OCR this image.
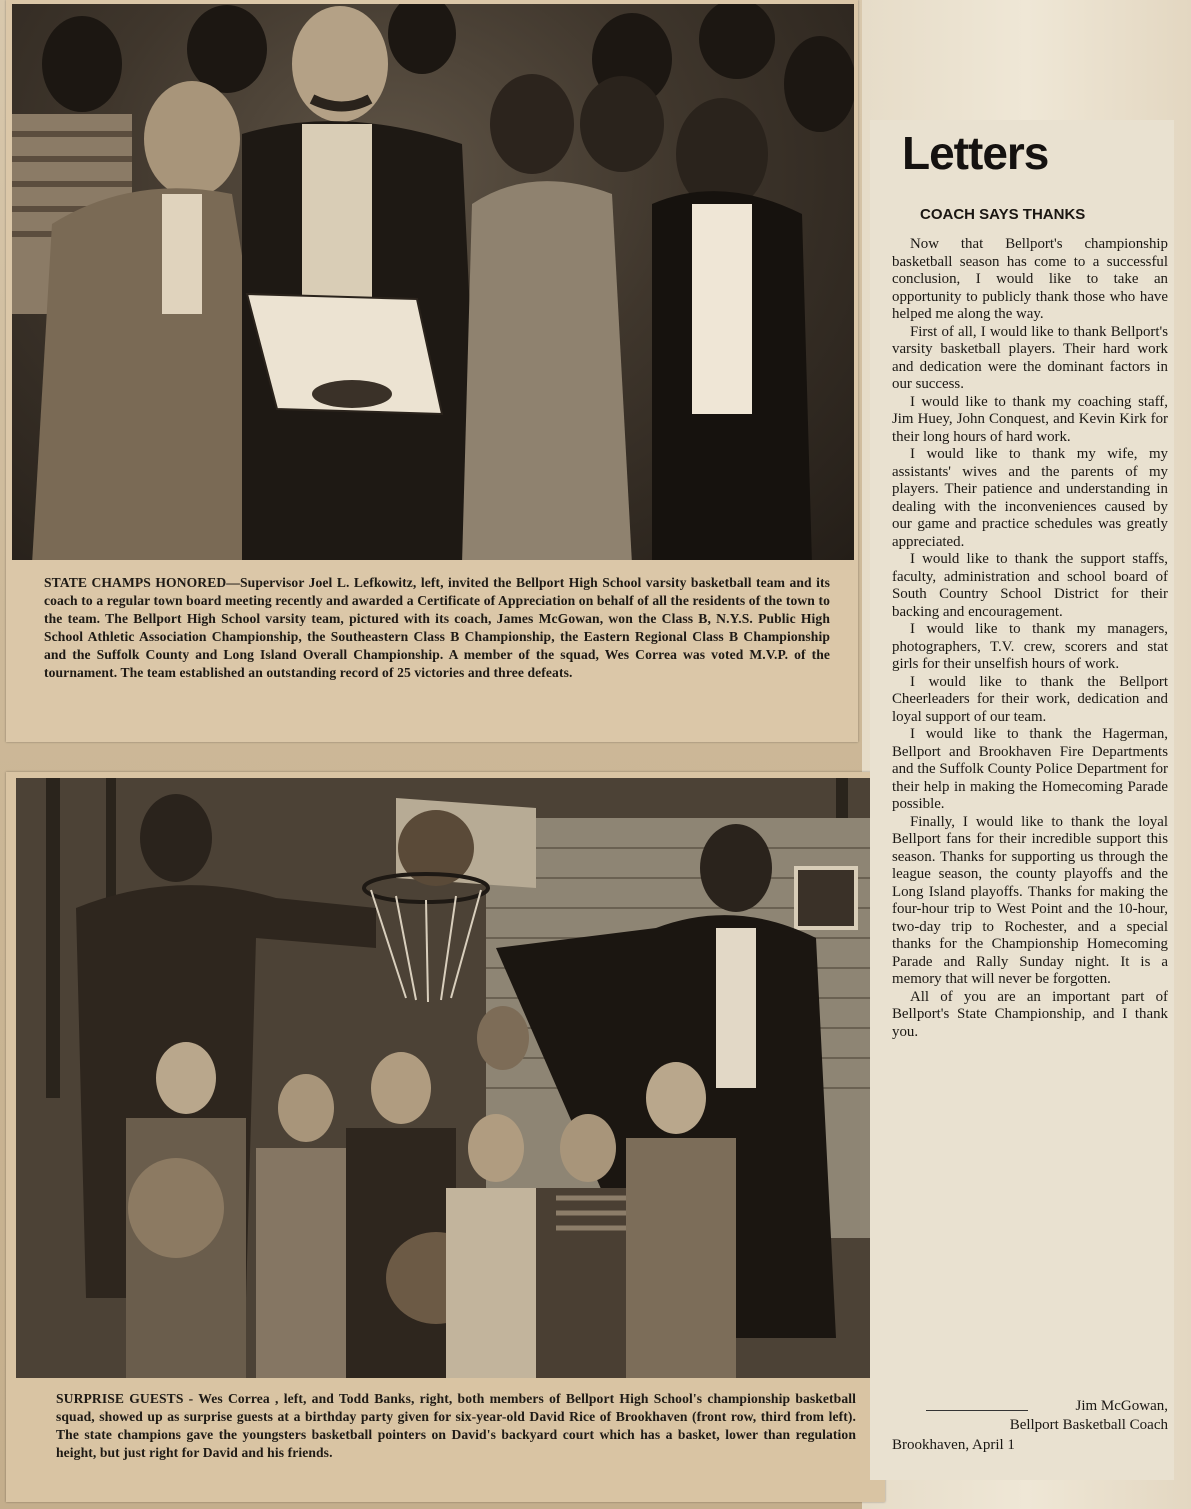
STATE CHAMPS HONORED—Supervisor Joel L. Lefkowitz, left, invited the Bellport High School varsity basketball team and its coach to a regular town board meeting recently and awarded a Certificate of Appreciation on behalf of all the residents of the town to the team. The Bellport High School varsity team, pictured with its coach, James McGowan, won the Class B, N.Y.S. Public High School Athletic Association Championship, the Southeastern Class B Championship, the Eastern Regional Class B Championship and the Suffolk County and Long Island Overall Championship. A member of the squad, Wes Correa was voted M.V.P. of the tournament. The team established an outstanding record of 25 victories and three defeats.
SURPRISE GUESTS - Wes Correa , left, and Todd Banks, right, both members of Bellport High School's championship basketball squad, showed up as surprise guests at a birthday party given for six-year-old David Rice of Brookhaven (front row, third from left). The state champions gave the youngsters basketball pointers on David's backyard court which has a basket, lower than regulation height, but just right for David and his friends.
Letters
COACH SAYS THANKS

Now that Bellport's championship basketball season has come to a successful conclusion, I would like to take an opportunity to publicly thank those who have helped me along the way.

First of all, I would like to thank Bellport's varsity basketball players. Their hard work and dedication were the dominant factors in our success.

I would like to thank my coaching staff, Jim Huey, John Conquest, and Kevin Kirk for their long hours of hard work.

I would like to thank my wife, my assistants' wives and the parents of my players. Their patience and understanding in dealing with the inconveniences caused by our game and practice schedules was greatly appreciated.

I would like to thank the support staffs, faculty, administration and school board of South Country School District for their backing and encouragement.

I would like to thank my managers, photographers, T.V. crew, scorers and stat girls for their unselfish hours of work.

I would like to thank the Bellport Cheerleaders for their work, dedication and loyal support of our team.

I would like to thank the Hagerman, Bellport and Brookhaven Fire Departments and the Suffolk County Police Department for their help in making the Homecoming Parade possible.

Finally, I would like to thank the loyal Bellport fans for their incredible support this season. Thanks for supporting us through the league season, the county playoffs and the Long Island playoffs. Thanks for making the four-hour trip to West Point and the 10-hour, two-day trip to Rochester, and a special thanks for the Championship Homecoming Parade and Rally Sunday night. It is a memory that will never be forgotten.

All of you are an important part of Bellport's State Championship, and I thank you.

Jim McGowan,
Bellport Basketball Coach
Brookhaven, April 1
